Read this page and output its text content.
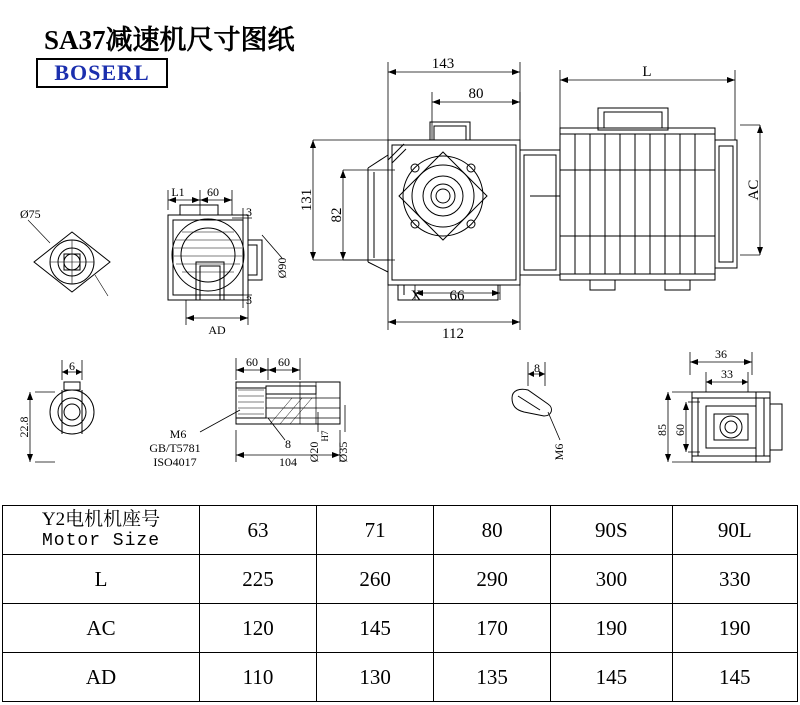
SA37减速机尺寸图纸
BOSERL	143
80
L
131
82
AC
66
112
X
L1 60
3
3
Ø90
AD
Ø75
6
22.8
60 60
M6
GB/T5781
ISO4017
8
104 Ø20
H7
Ø35
8
M6
36
33
85 60
Y2电机机座号
Motor Size	63	71	80	90S	90L
L	225	260	290	300	330
AC	120	145	170	190	190
AD	110	130	135	145	145
